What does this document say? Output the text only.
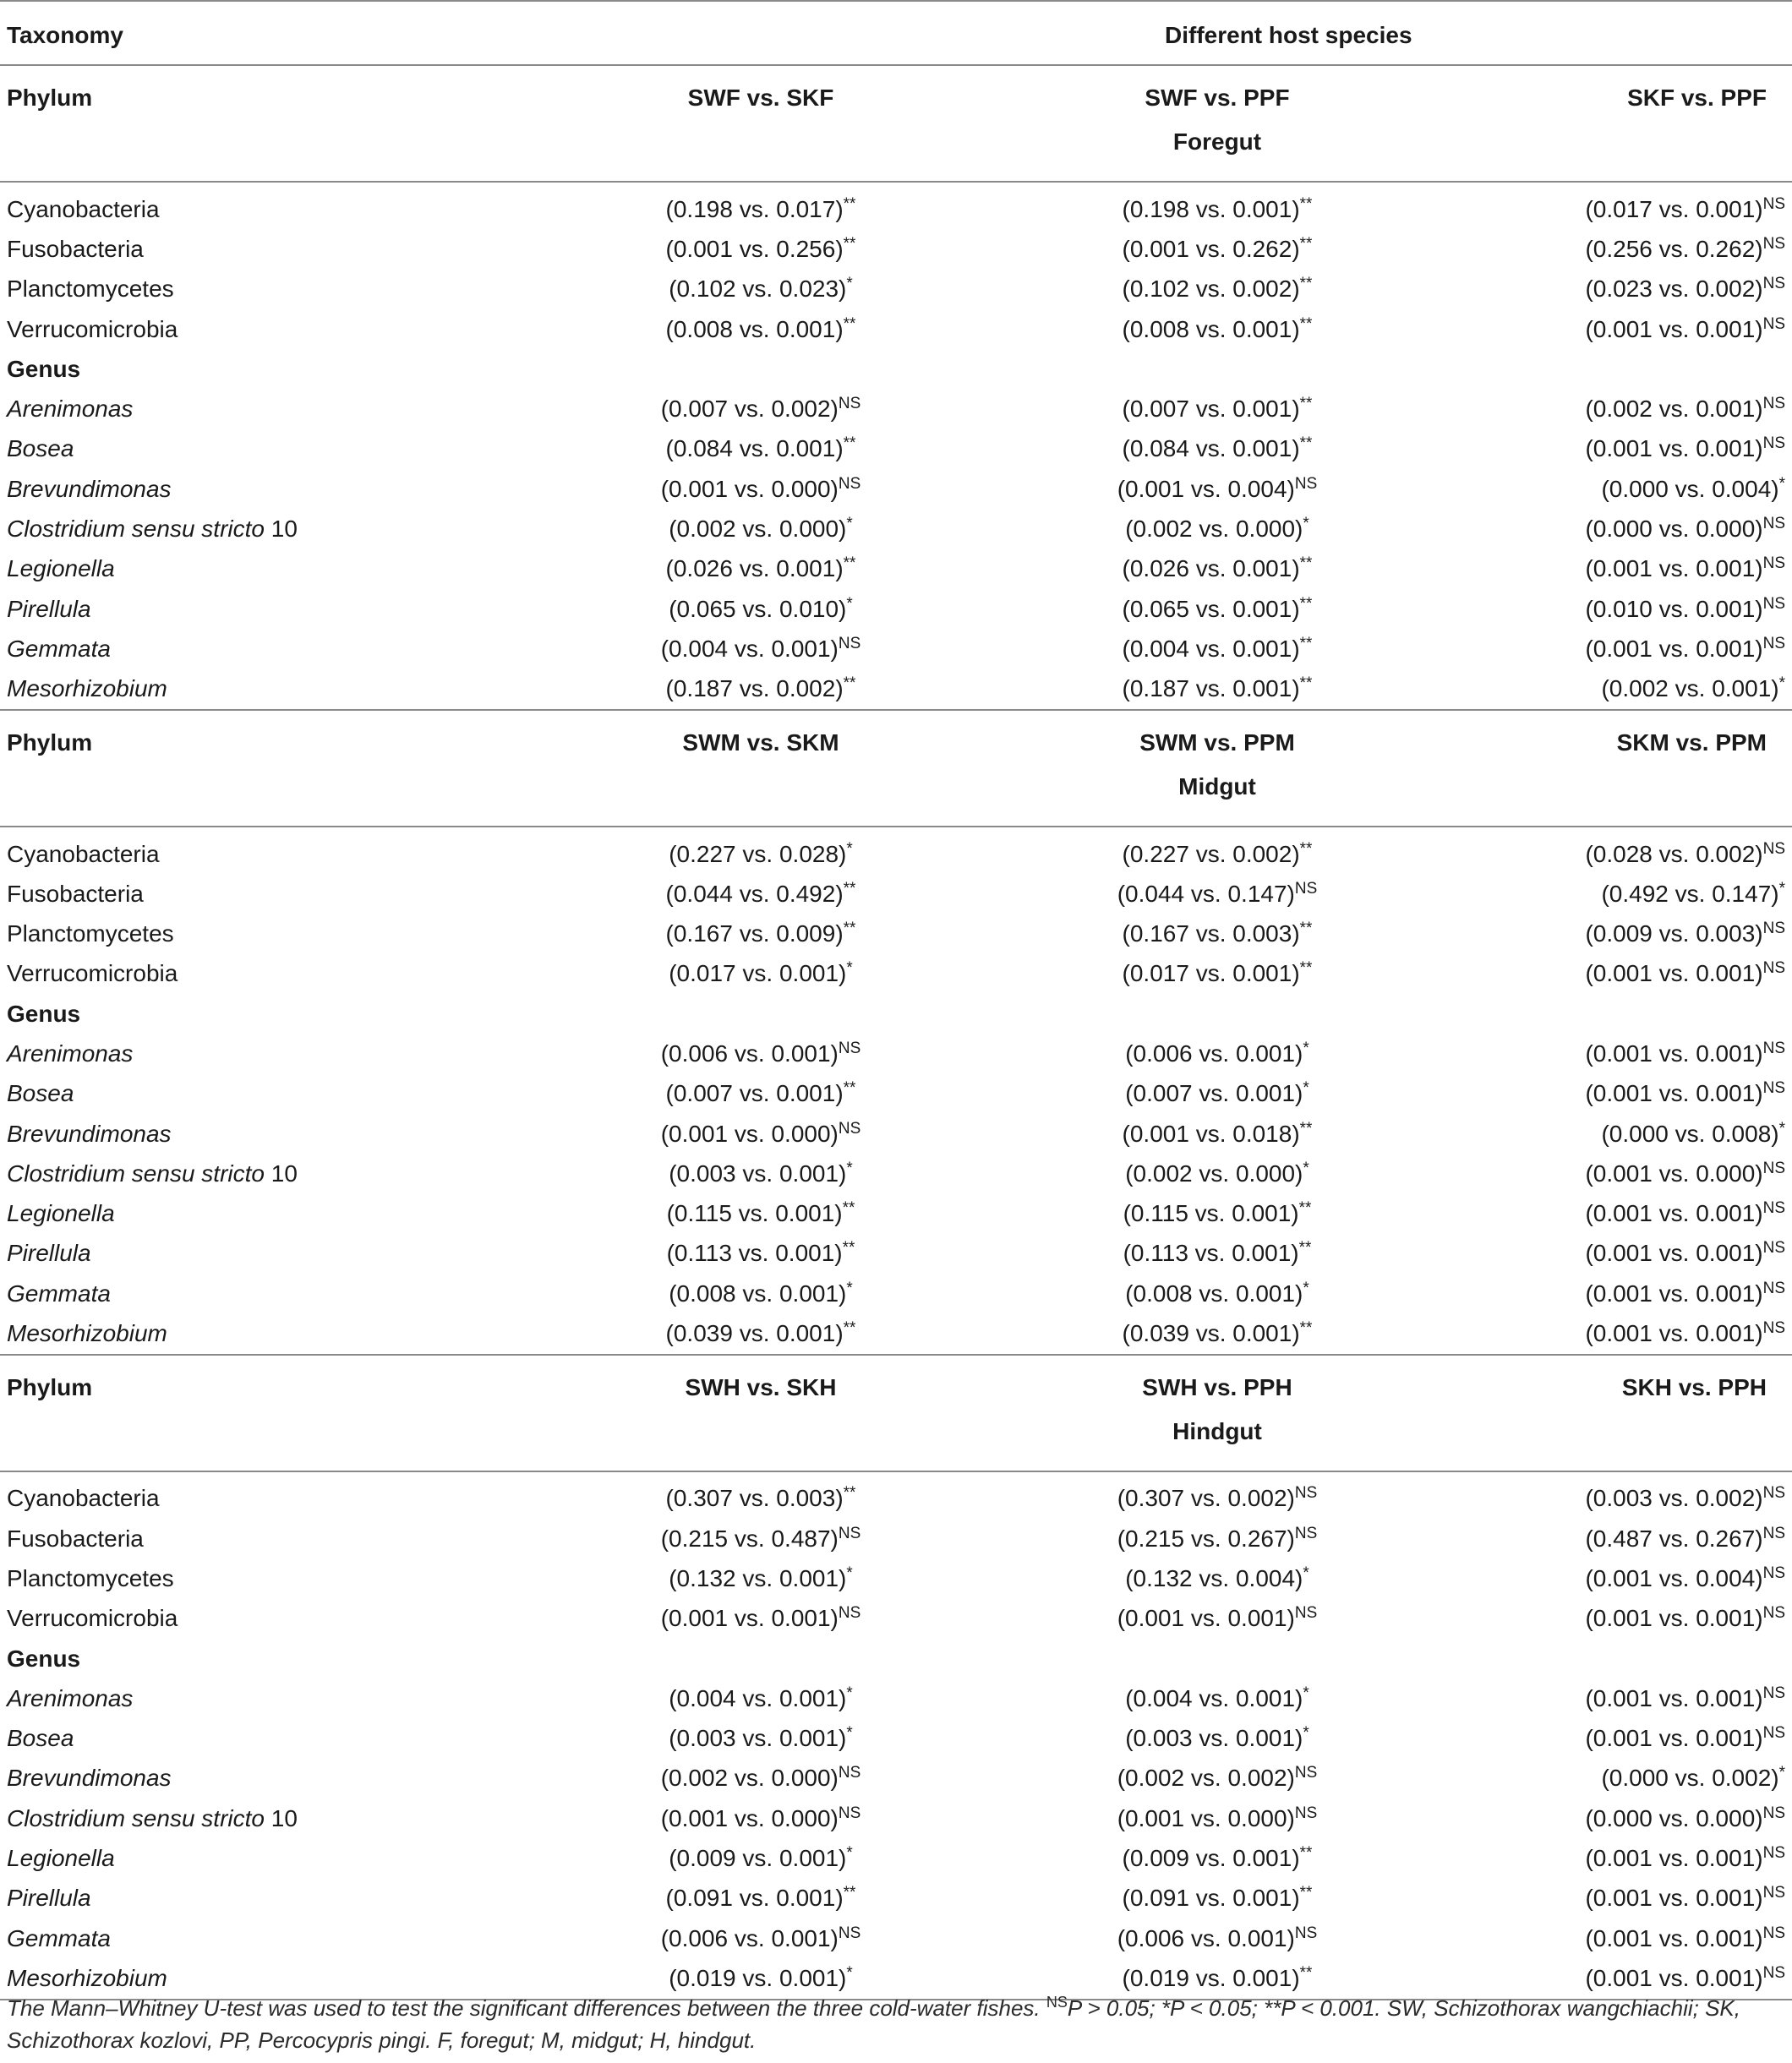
Taxonomy	Different host species		
Phylum	SWF vs. SKF	SWF vs. PPF	SKF vs. PPF
		Foregut	

Cyanobacteria	(0.198 vs. 0.017)**	(0.198 vs. 0.001)**	(0.017 vs. 0.001)$^{NS}$
Fusobacteria	(0.001 vs. 0.256)**	(0.001 vs. 0.262)**	(0.256 vs. 0.262)$^{NS}$
Planctomycetes	(0.102 vs. 0.023)*	(0.102 vs. 0.002)**	(0.023 vs. 0.002)$^{NS}$
Verrucomicrobia	(0.008 vs. 0.001)**	(0.008 vs. 0.001)**	(0.001 vs. 0.001)$^{NS}$
Genus			
Arenimonas	(0.007 vs. 0.002)$^{NS}$	(0.007 vs. 0.001)**	(0.002 vs. 0.001)$^{NS}$
Bosea	(0.084 vs. 0.001)**	(0.084 vs. 0.001)**	(0.001 vs. 0.001)$^{NS}$
Brevundimonas	(0.001 vs. 0.000)$^{NS}$	(0.001 vs. 0.004)$^{NS}$	(0.000 vs. 0.004)*
Clostridium sensu stricto 10	(0.002 vs. 0.000)*	(0.002 vs. 0.000)*	(0.000 vs. 0.000)$^{NS}$
Legionella	(0.026 vs. 0.001)**	(0.026 vs. 0.001)**	(0.001 vs. 0.001)$^{NS}$
Pirellula	(0.065 vs. 0.010)*	(0.065 vs. 0.001)**	(0.010 vs. 0.001)$^{NS}$
Gemmata	(0.004 vs. 0.001)$^{NS}$	(0.004 vs. 0.001)**	(0.001 vs. 0.001)$^{NS}$
Mesorhizobium	(0.187 vs. 0.002)**	(0.187 vs. 0.001)**	(0.002 vs. 0.001)*
Phylum	SWM vs. SKM	SWM vs. PPM	SKM vs. PPM
		Midgut	

Cyanobacteria	(0.227 vs. 0.028)*	(0.227 vs. 0.002)**	(0.028 vs. 0.002)$^{NS}$
Fusobacteria	(0.044 vs. 0.492)**	(0.044 vs. 0.147)$^{NS}$	(0.492 vs. 0.147)*
Planctomycetes	(0.167 vs. 0.009)**	(0.167 vs. 0.003)**	(0.009 vs. 0.003)$^{NS}$
Verrucomicrobia	(0.017 vs. 0.001)*	(0.017 vs. 0.001)**	(0.001 vs. 0.001)$^{NS}$
Genus			
Arenimonas	(0.006 vs. 0.001)$^{NS}$	(0.006 vs. 0.001)*	(0.001 vs. 0.001)$^{NS}$
Bosea	(0.007 vs. 0.001)**	(0.007 vs. 0.001)*	(0.001 vs. 0.001)$^{NS}$
Brevundimonas	(0.001 vs. 0.000)$^{NS}$	(0.001 vs. 0.018)**	(0.000 vs. 0.008)*
Clostridium sensu stricto 10	(0.003 vs. 0.001)*	(0.002 vs. 0.000)*	(0.001 vs. 0.000)$^{NS}$
Legionella	(0.115 vs. 0.001)**	(0.115 vs. 0.001)**	(0.001 vs. 0.001)$^{NS}$
Pirellula	(0.113 vs. 0.001)**	(0.113 vs. 0.001)**	(0.001 vs. 0.001)$^{NS}$
Gemmata	(0.008 vs. 0.001)*	(0.008 vs. 0.001)*	(0.001 vs. 0.001)$^{NS}$
Mesorhizobium	(0.039 vs. 0.001)**	(0.039 vs. 0.001)**	(0.001 vs. 0.001)$^{NS}$
Phylum	SWH vs. SKH	SWH vs. PPH	SKH vs. PPH
		Hindgut	

Cyanobacteria	(0.307 vs. 0.003)**	(0.307 vs. 0.002)$^{NS}$	(0.003 vs. 0.002)$^{NS}$
Fusobacteria	(0.215 vs. 0.487)$^{NS}$	(0.215 vs. 0.267)$^{NS}$	(0.487 vs. 0.267)$^{NS}$
Planctomycetes	(0.132 vs. 0.001)*	(0.132 vs. 0.004)*	(0.001 vs. 0.004)$^{NS}$
Verrucomicrobia	(0.001 vs. 0.001)$^{NS}$	(0.001 vs. 0.001)$^{NS}$	(0.001 vs. 0.001)$^{NS}$
Genus			
Arenimonas	(0.004 vs. 0.001)*	(0.004 vs. 0.001)*	(0.001 vs. 0.001)$^{NS}$
Bosea	(0.003 vs. 0.001)*	(0.003 vs. 0.001)*	(0.001 vs. 0.001)$^{NS}$
Brevundimonas	(0.002 vs. 0.000)$^{NS}$	(0.002 vs. 0.002)$^{NS}$	(0.000 vs. 0.002)*
Clostridium sensu stricto 10	(0.001 vs. 0.000)$^{NS}$	(0.001 vs. 0.000)$^{NS}$	(0.000 vs. 0.000)$^{NS}$
Legionella	(0.009 vs. 0.001)*	(0.009 vs. 0.001)**	(0.001 vs. 0.001)$^{NS}$
Pirellula	(0.091 vs. 0.001)**	(0.091 vs. 0.001)**	(0.001 vs. 0.001)$^{NS}$
Gemmata	(0.006 vs. 0.001)$^{NS}$	(0.006 vs. 0.001)$^{NS}$	(0.001 vs. 0.001)$^{NS}$
Mesorhizobium	(0.019 vs. 0.001)*	(0.019 vs. 0.001)**	(0.001 vs. 0.001)$^{NS}$

The Mann–Whitney U-test was used to test the significant differences between the three cold-water fishes. $^{NS}$P > 0.05; *P < 0.05; **P < 0.001. SW, Schizothorax wangchiachii; SK, Schizothorax kozlovi, PP, Percocypris pingi. F, foregut; M, midgut; H, hindgut.
